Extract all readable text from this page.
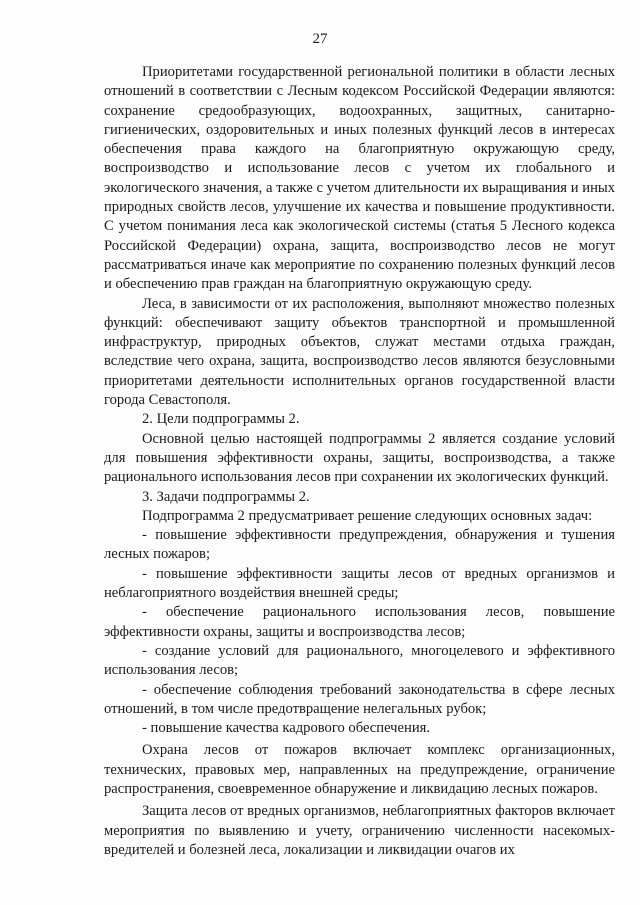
27

Приоритетами государственной региональной политики в области лесных отношений в соответствии с Лесным кодексом Российской Федерации являются: сохранение средообразующих, водоохранных, защитных, санитарно-гигиенических, оздоровительных и иных полезных функций лесов в интересах обеспечения права каждого на благоприятную окружающую среду, воспроизводство и использование лесов с учетом их глобального и экологического значения, а также с учетом длительности их выращивания и иных природных свойств лесов, улучшение их качества и повышение продуктивности. С учетом понимания леса как экологической системы (статья 5 Лесного кодекса Российской Федерации) охрана, защита, воспроизводство лесов не могут рассматриваться иначе как мероприятие по сохранению полезных функций лесов и обеспечению прав граждан на благоприятную окружающую среду.

Леса, в зависимости от их расположения, выполняют множество полезных функций: обеспечивают защиту объектов транспортной и промышленной инфраструктур, природных объектов, служат местами отдыха граждан, вследствие чего охрана, защита, воспроизводство лесов являются безусловными приоритетами деятельности исполнительных органов государственной власти города Севастополя.

2. Цели подпрограммы 2.

Основной целью настоящей подпрограммы 2 является создание условий для повышения эффективности охраны, защиты, воспроизводства, а также рационального использования лесов при сохранении их экологических функций.

3. Задачи подпрограммы 2.

Подпрограмма 2 предусматривает решение следующих основных задач:

- повышение эффективности предупреждения, обнаружения и тушения лесных пожаров;

- повышение эффективности защиты лесов от вредных организмов и неблагоприятного воздействия внешней среды;

- обеспечение рационального использования лесов, повышение эффективности охраны, защиты и воспроизводства лесов;

- создание условий для рационального, многоцелевого и эффективного использования лесов;

- обеспечение соблюдения требований законодательства в сфере лесных отношений, в том числе предотвращение нелегальных рубок;

- повышение качества кадрового обеспечения.

Охрана лесов от пожаров включает комплекс организационных, технических, правовых мер, направленных на предупреждение, ограничение распространения, своевременное обнаружение и ликвидацию лесных пожаров.

Защита лесов от вредных организмов, неблагоприятных факторов включает мероприятия по выявлению и учету, ограничению численности насекомых-вредителей и болезней леса, локализации и ликвидации очагов их
